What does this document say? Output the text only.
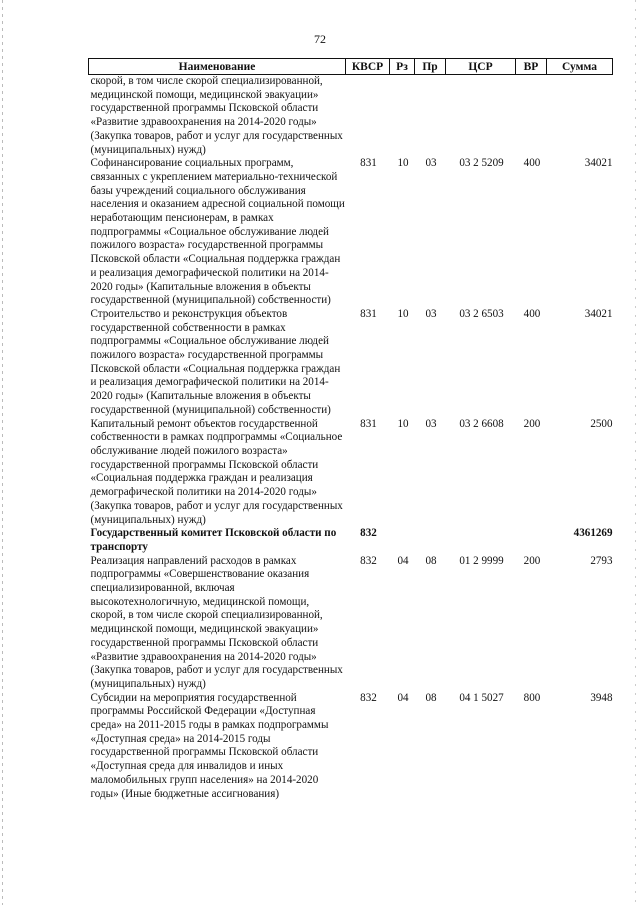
72
Наименование	КВСР	Рз	Пр	ЦСР	ВР	Сумма
скорой, в том числе скорой специализированной, медицинской помощи, медицинской эвакуации» государственной программы Псковской области «Развитие здравоохранения на 2014-2020 годы» (Закупка товаров, работ и услуг для государственных (муниципальных) нужд)						
Софинансирование социальных программ, связанных с укреплением материально-технической базы учреждений социального обслуживания населения и оказанием адресной социальной помощи неработающим пенсионерам, в рамках подпрограммы «Социальное обслуживание людей пожилого возраста» государственной программы Псковской области «Социальная поддержка граждан и реализация демографической политики на 2014-2020 годы» (Капитальные вложения в объекты государственной (муниципальной) собственности)	831	10	03	03 2 5209	400	34021
Строительство и реконструкция объектов государственной собственности в рамках подпрограммы «Социальное обслуживание людей пожилого возраста» государственной программы Псковской области «Социальная поддержка граждан и реализация демографической политики на 2014-2020 годы» (Капитальные вложения в объекты государственной (муниципальной) собственности)	831	10	03	03 2 6503	400	34021
Капитальный ремонт объектов государственной собственности в рамках подпрограммы «Социальное обслуживание людей пожилого возраста» государственной программы Псковской области «Социальная поддержка граждан и реализация демографической политики на 2014-2020 годы» (Закупка товаров, работ и услуг для государственных (муниципальных) нужд)	831	10	03	03 2 6608	200	2500
Государственный комитет Псковской области по транспорту	832					4361269
Реализация направлений расходов в рамках подпрограммы «Совершенствование оказания специализированной, включая высокотехнологичную, медицинской помощи, скорой, в том числе скорой специализированной, медицинской помощи, медицинской эвакуации» государственной программы Псковской области «Развитие здравоохранения на 2014-2020 годы» (Закупка товаров, работ и услуг для государственных (муниципальных) нужд)	832	04	08	01 2 9999	200	2793
Субсидии на мероприятия государственной программы Российской Федерации «Доступная среда» на 2011-2015 годы в рамках подпрограммы «Доступная среда» на 2014-2015 годы государственной программы Псковской области «Доступная среда для инвалидов и иных маломобильных групп населения» на 2014-2020 годы» (Иные бюджетные ассигнования)	832	04	08	04 1 5027	800	3948
